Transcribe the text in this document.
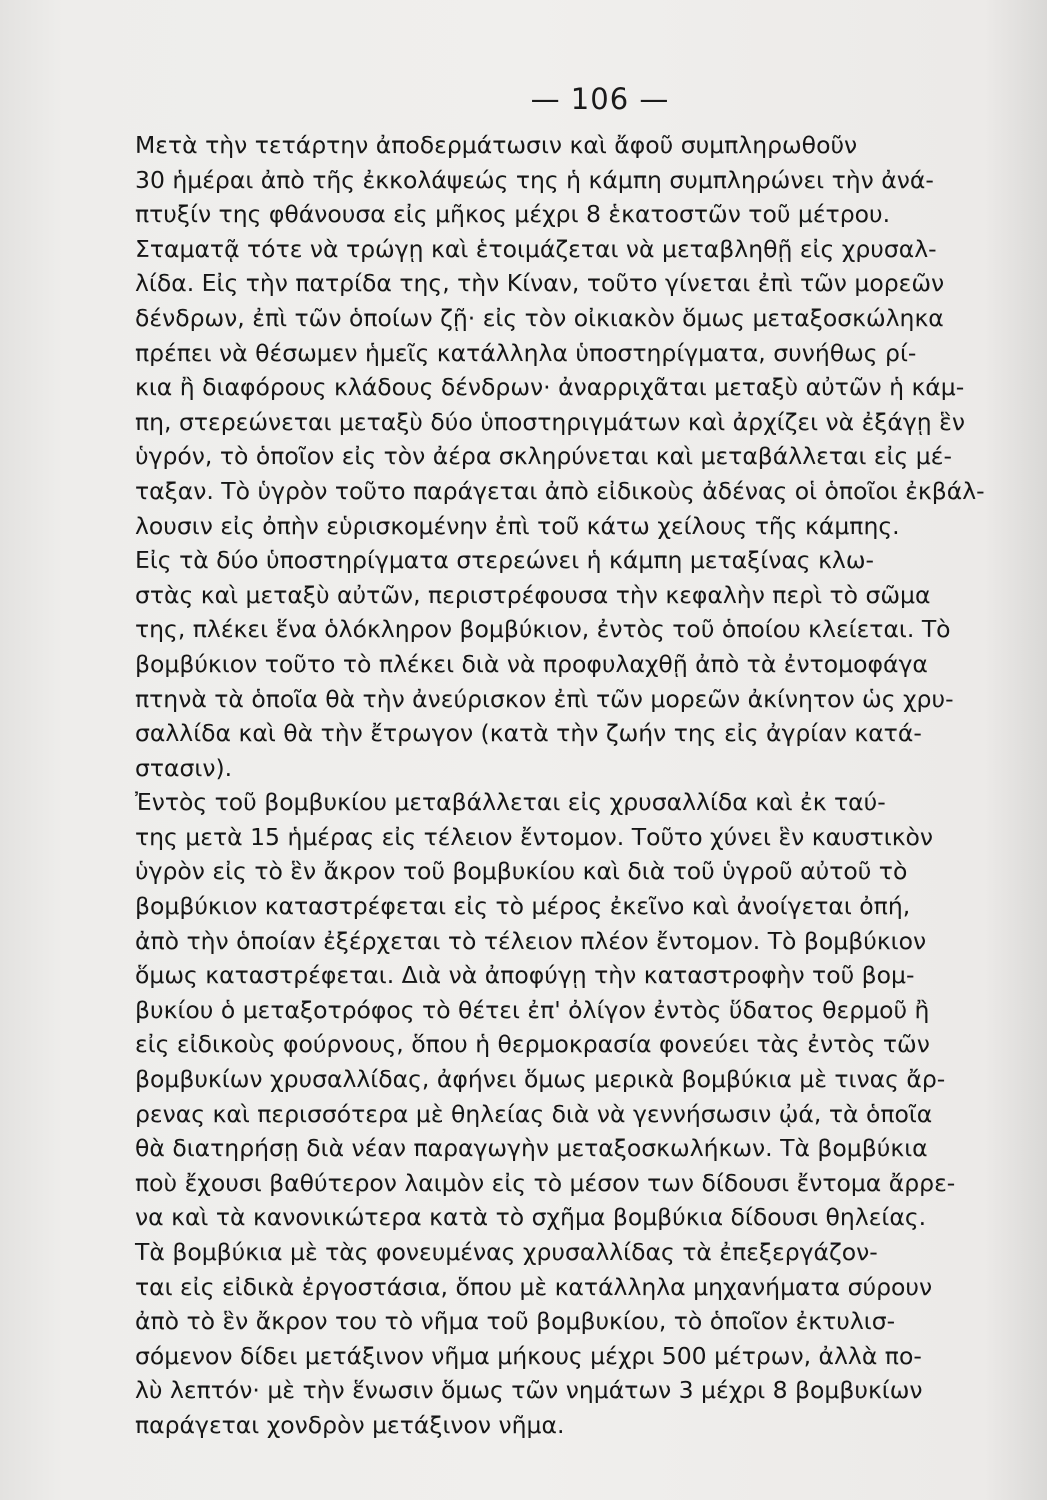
— 106 —
Μετὰ τὴν τετάρτην ἀποδερμάτωσιν καὶ ἄφοῦ συμπληρωθοῦν
30 ἡμέραι ἀπὸ τῆς ἐκκολάψεώς της ἡ κάμπη συμπληρώνει τὴν ἀνά-
πτυξίν της φθάνουσα εἰς μῆκος μέχρι 8 ἑκατοστῶν τοῦ μέτρου.
Σταματᾷ τότε νὰ τρώγῃ καὶ ἑτοιμάζεται νὰ μεταβληθῇ εἰς χρυσαλ-
λίδα. Εἰς τὴν πατρίδα της, τὴν Κίναν, τοῦτο γίνεται ἐπὶ τῶν μορεῶν
δένδρων, ἐπὶ τῶν ὁποίων ζῇ· εἰς τὸν οἰκιακὸν ὅμως μεταξοσκώληκα
πρέπει νὰ θέσωμεν ἡμεῖς κατάλληλα ὑποστηρίγματα, συνήθως ρί-
κια ἢ διαφόρους κλάδους δένδρων· ἀναρριχᾶται μεταξὺ αὐτῶν ἡ κάμ-
πη, στερεώνεται μεταξὺ δύο ὑποστηριγμάτων καὶ ἀρχίζει νὰ ἐξάγῃ ἓν
ὑγρόν, τὸ ὁποῖον εἰς τὸν ἀέρα σκληρύνεται καὶ μεταβάλλεται εἰς μέ-
ταξαν. Τὸ ὑγρὸν τοῦτο παράγεται ἀπὸ εἰδικοὺς ἀδένας οἱ ὁποῖοι ἐκβάλ-
λουσιν εἰς ὀπὴν εὑρισκομένην ἐπὶ τοῦ κάτω χείλους τῆς κάμπης.
Εἰς τὰ δύο ὑποστηρίγματα στερεώνει ἡ κάμπη μεταξίνας κλω-
στὰς καὶ μεταξὺ αὐτῶν, περιστρέφουσα τὴν κεφαλὴν περὶ τὸ σῶμα
της, πλέκει ἕνα ὁλόκληρον βομβύκιον, ἐντὸς τοῦ ὁποίου κλείεται. Τὸ
βομβύκιον τοῦτο τὸ πλέκει διὰ νὰ προφυλαχθῇ ἀπὸ τὰ ἐντομοφάγα
πτηνὰ τὰ ὁποῖα θὰ τὴν ἀνεύρισκον ἐπὶ τῶν μορεῶν ἀκίνητον ὡς χρυ-
σαλλίδα καὶ θὰ τὴν ἔτρωγον (κατὰ τὴν ζωήν της εἰς ἀγρίαν κατά-
στασιν).
Ἐντὸς τοῦ βομβυκίου μεταβάλλεται εἰς χρυσαλλίδα καὶ ἐκ ταύ-
της μετὰ 15 ἡμέρας εἰς τέλειον ἔντομον. Τοῦτο χύνει ἓν καυστικὸν
ὑγρὸν εἰς τὸ ἓν ἄκρον τοῦ βομβυκίου καὶ διὰ τοῦ ὑγροῦ αὐτοῦ τὸ
βομβύκιον καταστρέφεται εἰς τὸ μέρος ἐκεῖνο καὶ ἀνοίγεται ὀπή,
ἀπὸ τὴν ὁποίαν ἐξέρχεται τὸ τέλειον πλέον ἔντομον. Τὸ βομβύκιον
ὅμως καταστρέφεται. Διὰ νὰ ἀποφύγῃ τὴν καταστροφὴν τοῦ βομ-
βυκίου ὁ μεταξοτρόφος τὸ θέτει ἐπ' ὀλίγον ἐντὸς ὕδατος θερμοῦ ἢ
εἰς εἰδικοὺς φούρνους, ὅπου ἡ θερμοκρασία φονεύει τὰς ἐντὸς τῶν
βομβυκίων χρυσαλλίδας, ἀφήνει ὅμως μερικὰ βομβύκια μὲ τινας ἄρ-
ρενας καὶ περισσότερα μὲ θηλείας διὰ νὰ γεννήσωσιν ᾠά, τὰ ὁποῖα
θὰ διατηρήσῃ διὰ νέαν παραγωγὴν μεταξοσκωλήκων. Τὰ βομβύκια
ποὺ ἔχουσι βαθύτερον λαιμὸν εἰς τὸ μέσον των δίδουσι ἔντομα ἄρρε-
να καὶ τὰ κανονικώτερα κατὰ τὸ σχῆμα βομβύκια δίδουσι θηλείας.
Τὰ βομβύκια μὲ τὰς φονευμένας χρυσαλλίδας τὰ ἐπεξεργάζον-
ται εἰς εἰδικὰ ἐργοστάσια, ὅπου μὲ κατάλληλα μηχανήματα σύρουν
ἀπὸ τὸ ἓν ἄκρον του τὸ νῆμα τοῦ βομβυκίου, τὸ ὁποῖον ἐκτυλισ-
σόμενον δίδει μετάξινον νῆμα μήκους μέχρι 500 μέτρων, ἀλλὰ πο-
λὺ λεπτόν· μὲ τὴν ἕνωσιν ὅμως τῶν νημάτων 3 μέχρι 8 βομβυκίων
παράγεται χονδρὸν μετάξινον νῆμα.
